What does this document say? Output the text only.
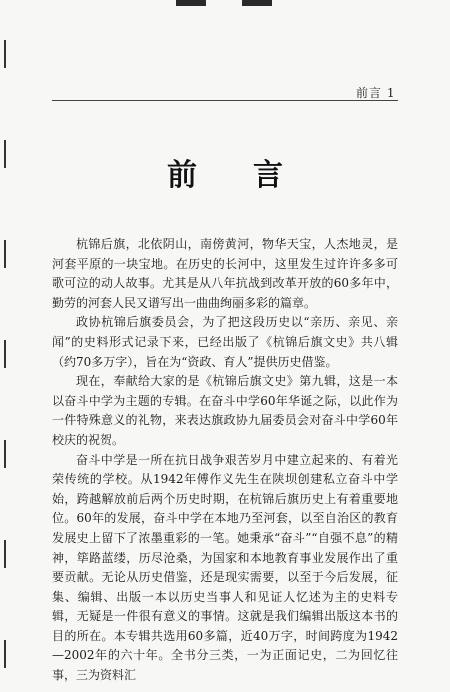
前言 1
前言

杭锦后旗，北依阴山，南傍黄河，物华天宝，人杰地灵，是河套平原的一块宝地。在历史的长河中，这里发生过许许多多可歌可泣的动人故事。尤其是从八年抗战到改革开放的60多年中，勤劳的河套人民又谱写出一曲曲绚丽多彩的篇章。

政协杭锦后旗委员会，为了把这段历史以“亲历、亲见、亲闻”的史料形式记录下来，已经出版了《杭锦后旗文史》共八辑（约70多万字），旨在为“资政、育人”提供历史借鉴。

现在，奉献给大家的是《杭锦后旗文史》第九辑，这是一本以奋斗中学为主题的专辑。在奋斗中学60年华诞之际，以此作为一件特殊意义的礼物，来表达旗政协九届委员会对奋斗中学60年校庆的祝贺。

奋斗中学是一所在抗日战争艰苦岁月中建立起来的、有着光荣传统的学校。从1942年傅作义先生在陕坝创建私立奋斗中学始，跨越解放前后两个历史时期，在杭锦后旗历史上有着重要地位。60年的发展，奋斗中学在本地乃至河套，以至自治区的教育发展史上留下了浓墨重彩的一笔。她秉承“奋斗”“自强不息”的精神，筚路蓝缕，历尽沧桑，为国家和本地教育事业发展作出了重要贡献。无论从历史借鉴，还是现实需要，以至于今后发展，征集、编辑、出版一本以历史当事人和见证人忆述为主的史料专辑，无疑是一件很有意义的事情。这就是我们编辑出版这本书的目的所在。本专辑共选用60多篇，近40万字，时间跨度为1942—2002年的六十年。全书分三类，一为正面记史，二为回忆往事，三为资料汇
